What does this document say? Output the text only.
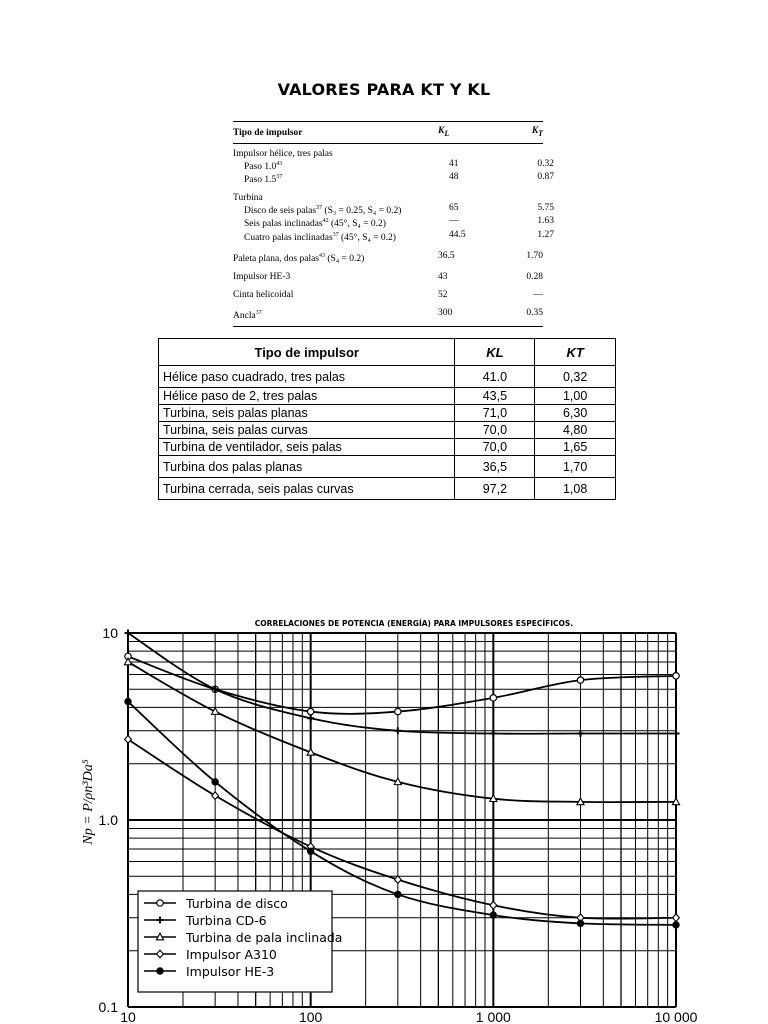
VALORES PARA KT Y KL
Tipo de impulsor	$K_L$	$K_T$
Impulsor hélice, tres palas
Paso $1.0^{43}$	41	0.32
Paso $1.5^{37}$	48	0.87
Turbina
Disco de seis palas$^{37}$ (S₃ = 0.25, S₄ = 0.2)	65	5.75
Seis palas inclinadas$^{42}$ (45°, S₄ = 0.2)	—	1.63
Cuatro palas inclinadas$^{37}$ (45°, S₄ = 0.2)	44.5	1.27
Paleta plana, dos palas$^{43}$ (S₄ = 0.2)	36.5	1.70
Impulsor HE-3	43	0.28
Cinta helicoidal	52	—
Ancla$^{37}$	300	0.35
Tipo de impulsor	KL	KT
Hélice paso cuadrado, tres palas	41.0	0,32
Hélice paso de 2, tres palas	43,5	1,00
Turbina, seis palas planas	71,0	6,30
Turbina, seis palas curvas	70,0	4,80
Turbina de ventilador, seis palas	70,0	1,65
Turbina dos palas planas	36,5	1,70
Turbina cerrada, seis palas curvas	97,2	1,08
CORRELACIONES DE POTENCIA (ENERGÍA) PARA IMPULSORES ESPECÍFICOS.
10	100	1 000	10 000
10
1.0
0.1
Np = P/ρn³Da⁵
Turbina de disco
Turbina CD-6
Turbina de pala inclinada
Impulsor A310
Impulsor HE-3
